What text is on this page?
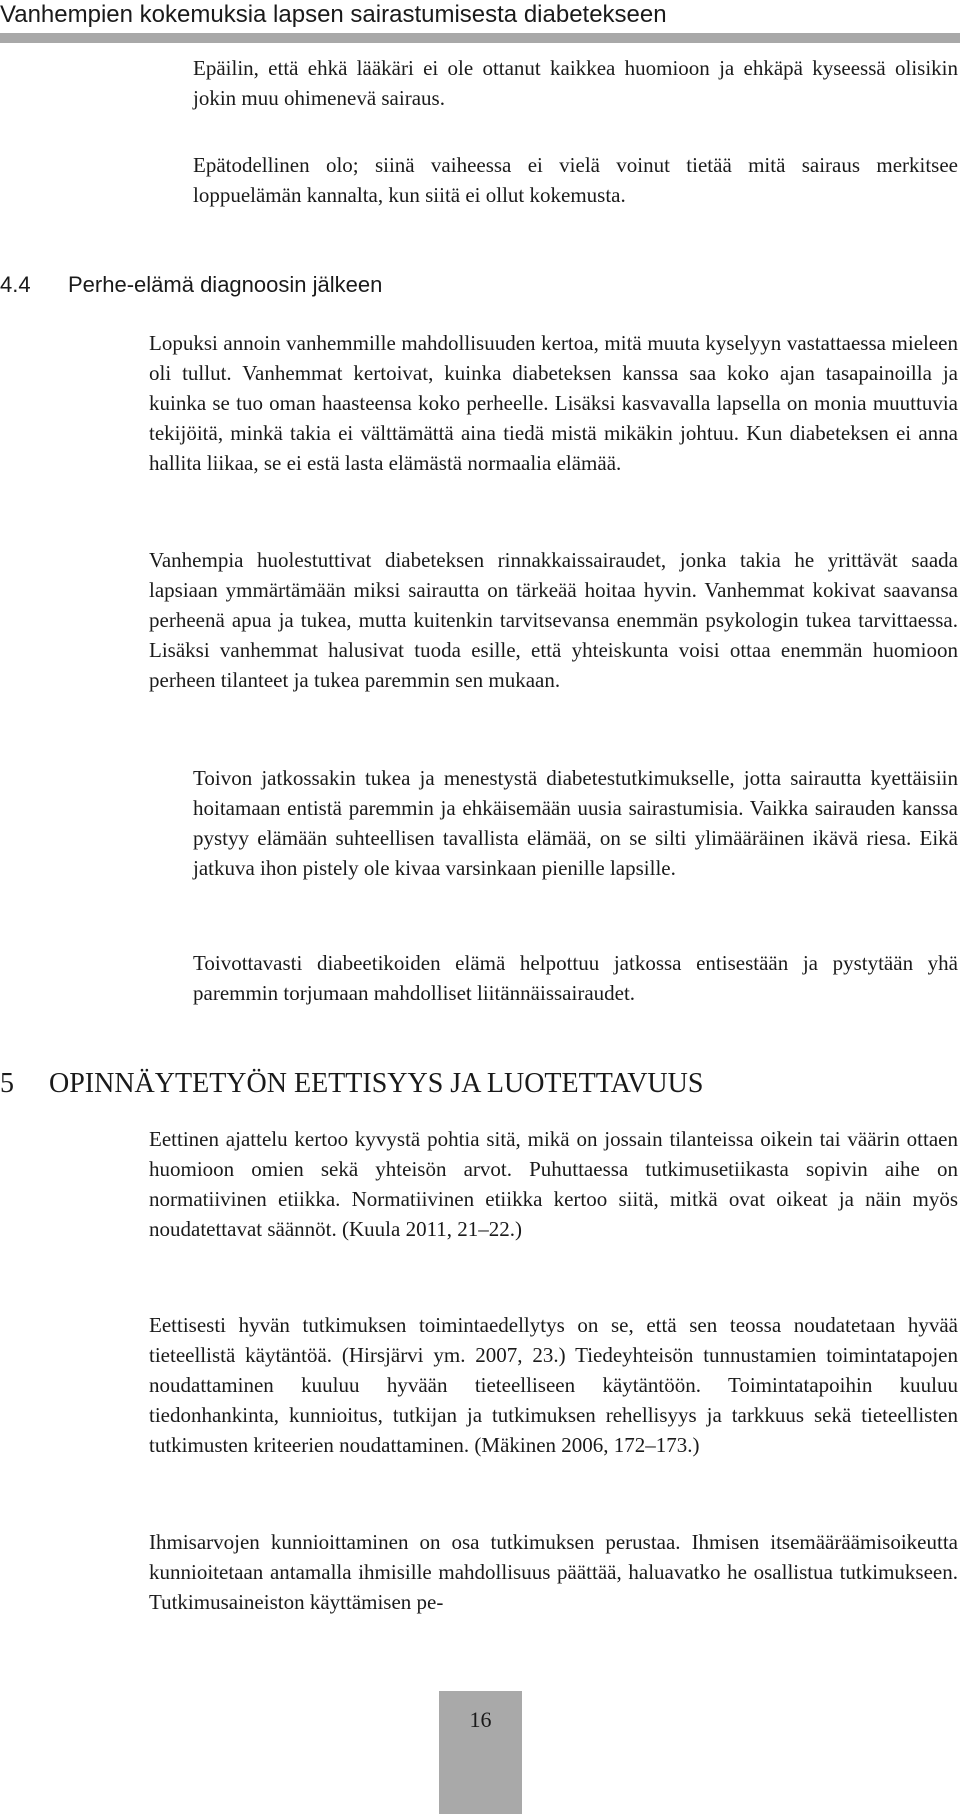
Vanhempien kokemuksia lapsen sairastumisesta diabetekseen

Epäilin, että ehkä lääkäri ei ole ottanut kaikkea huomioon ja ehkäpä kyseessä olisikin jokin muu ohimenevä sairaus.

Epätodellinen olo; siinä vaiheessa ei vielä voinut tietää mitä sairaus merkitsee loppuelämän kannalta, kun siitä ei ollut kokemusta.

4.4 Perhe-elämä diagnoosin jälkeen

Lopuksi annoin vanhemmille mahdollisuuden kertoa, mitä muuta kyselyyn vastattaessa mieleen oli tullut. Vanhemmat kertoivat, kuinka diabeteksen kanssa saa koko ajan tasapainoilla ja kuinka se tuo oman haasteensa koko perheelle. Lisäksi kasvavalla lapsella on monia muuttuvia tekijöitä, minkä takia ei välttämättä aina tiedä mistä mikäkin johtuu. Kun diabeteksen ei anna hallita liikaa, se ei estä lasta elämästä normaalia elämää.

Vanhempia huolestuttivat diabeteksen rinnakkaissairaudet, jonka takia he yrittävät saada lapsiaan ymmärtämään miksi sairautta on tärkeää hoitaa hyvin. Vanhemmat kokivat saavansa perheenä apua ja tukea, mutta kuitenkin tarvitsevansa enemmän psykologin tukea tarvittaessa. Lisäksi vanhemmat halusivat tuoda esille, että yhteiskunta voisi ottaa enemmän huomioon perheen tilanteet ja tukea paremmin sen mukaan.

Toivon jatkossakin tukea ja menestystä diabetestutkimukselle, jotta sairautta kyettäisiin hoitamaan entistä paremmin ja ehkäisemään uusia sairastumisia. Vaikka sairauden kanssa pystyy elämään suhteellisen tavallista elämää, on se silti ylimääräinen ikävä riesa. Eikä jatkuva ihon pistely ole kivaa varsinkaan pienille lapsille.

Toivottavasti diabeetikoiden elämä helpottuu jatkossa entisestään ja pystytään yhä paremmin torjumaan mahdolliset liitännäissairaudet.

5 OPINNÄYTETYÖN EETTISYYS JA LUOTETTAVUUS

Eettinen ajattelu kertoo kyvystä pohtia sitä, mikä on jossain tilanteissa oikein tai väärin ottaen huomioon omien sekä yhteisön arvot. Puhuttaessa tutkimusetiikasta sopivin aihe on normatiivinen etiikka. Normatiivinen etiikka kertoo siitä, mitkä ovat oikeat ja näin myös noudatettavat säännöt. (Kuula 2011, 21–22.)

Eettisesti hyvän tutkimuksen toimintaedellytys on se, että sen teossa noudatetaan hyvää tieteellistä käytäntöä. (Hirsjärvi ym. 2007, 23.) Tiedeyhteisön tunnustamien toimintatapojen noudattaminen kuuluu hyvään tieteelliseen käytäntöön. Toimintatapoihin kuuluu tiedonhankinta, kunnioitus, tutkijan ja tutkimuksen rehellisyys ja tarkkuus sekä tieteellisten tutkimusten kriteerien noudattaminen. (Mäkinen 2006, 172–173.)

Ihmisarvojen kunnioittaminen on osa tutkimuksen perustaa. Ihmisen itsemääräämisoikeutta kunnioitetaan antamalla ihmisille mahdollisuus päättää, haluavatko he osallistua tutkimukseen. Tutkimusaineiston käyttämisen pe-

16
